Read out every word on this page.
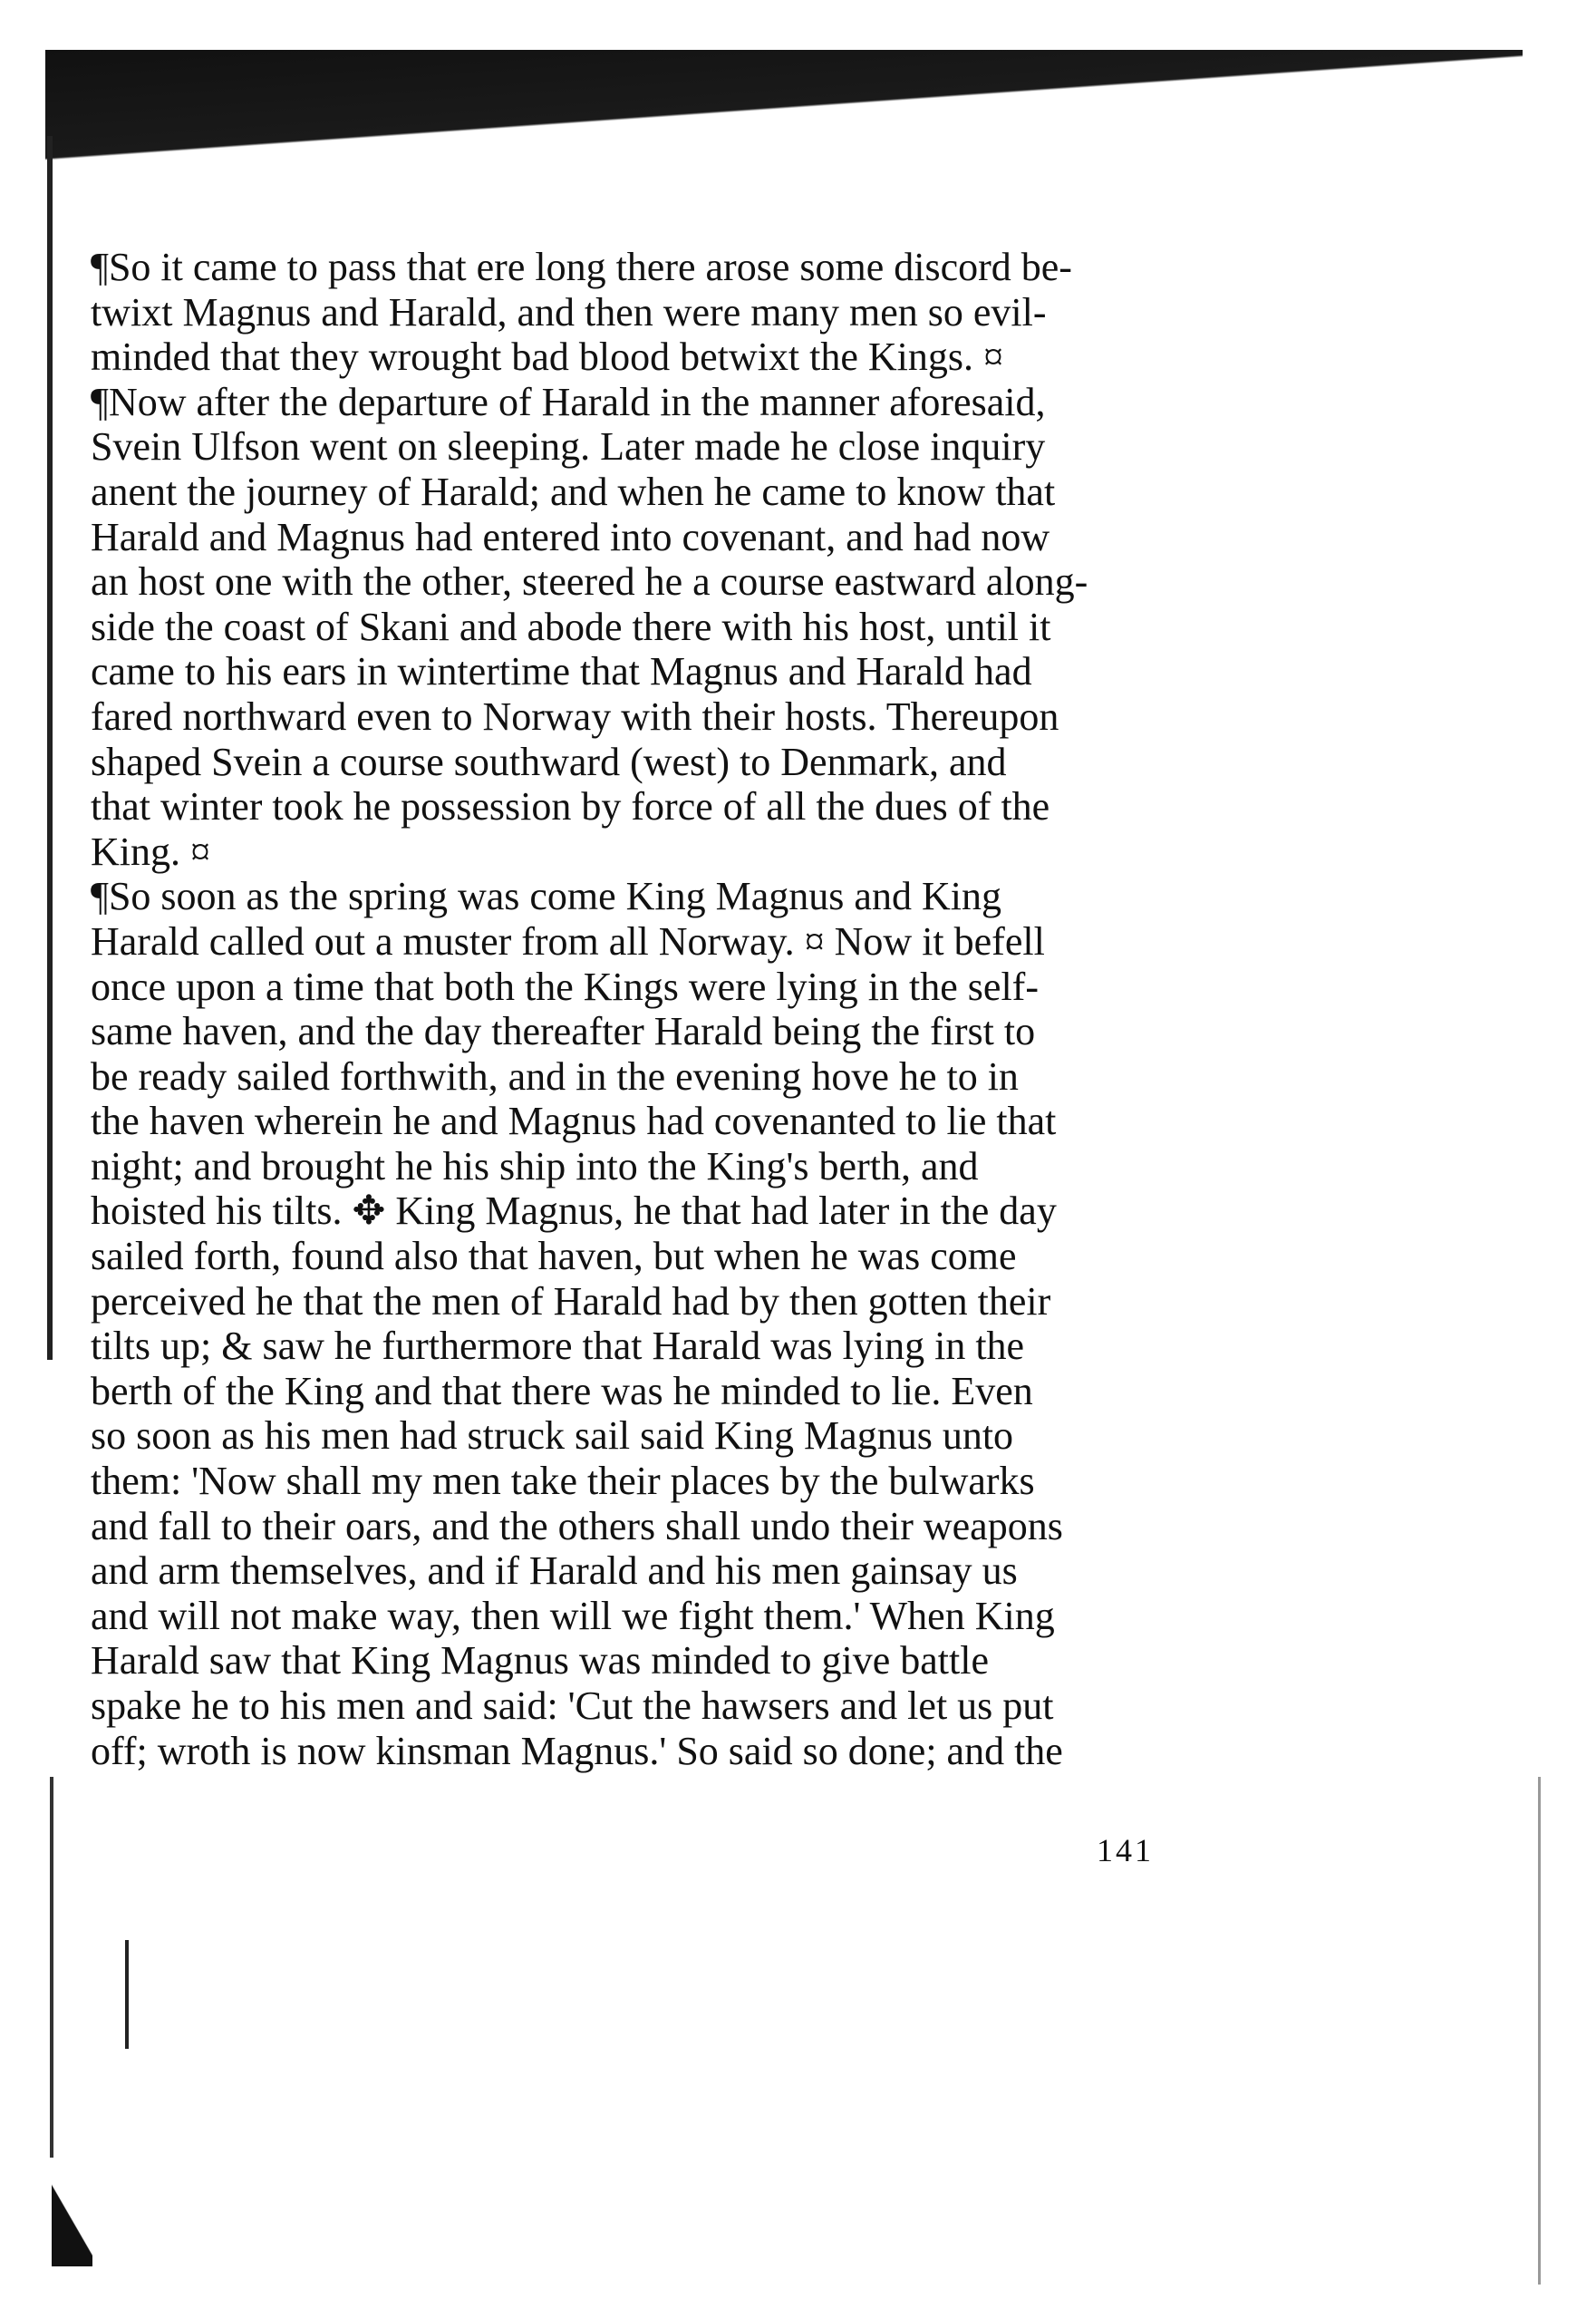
¶So it came to pass that ere long there arose some discord be-
twixt Magnus and Harald, and then were many men so evil-
minded that they wrought bad blood betwixt the Kings. ¤
¶Now after the departure of Harald in the manner aforesaid,
Svein Ulfson went on sleeping. Later made he close inquiry
anent the journey of Harald; and when he came to know that
Harald and Magnus had entered into covenant, and had now
an host one with the other, steered he a course eastward along-
side the coast of Skani and abode there with his host, until it
came to his ears in wintertime that Magnus and Harald had
fared northward even to Norway with their hosts. Thereupon
shaped Svein a course southward (west) to Denmark, and
that winter took he possession by force of all the dues of the
King. ¤
¶So soon as the spring was come King Magnus and King
Harald called out a muster from all Norway. ¤ Now it befell
once upon a time that both the Kings were lying in the self-
same haven, and the day thereafter Harald being the first to
be ready sailed forthwith, and in the evening hove he to in
the haven wherein he and Magnus had covenanted to lie that
night; and brought he his ship into the King's berth, and
hoisted his tilts. ✥ King Magnus, he that had later in the day
sailed forth, found also that haven, but when he was come
perceived he that the men of Harald had by then gotten their
tilts up; & saw he furthermore that Harald was lying in the
berth of the King and that there was he minded to lie. Even
so soon as his men had struck sail said King Magnus unto
them: 'Now shall my men take their places by the bulwarks
and fall to their oars, and the others shall undo their weapons
and arm themselves, and if Harald and his men gainsay us
and will not make way, then will we fight them.' When King
Harald saw that King Magnus was minded to give battle
spake he to his men and said: 'Cut the hawsers and let us put
off; wroth is now kinsman Magnus.' So said so done; and the
141
